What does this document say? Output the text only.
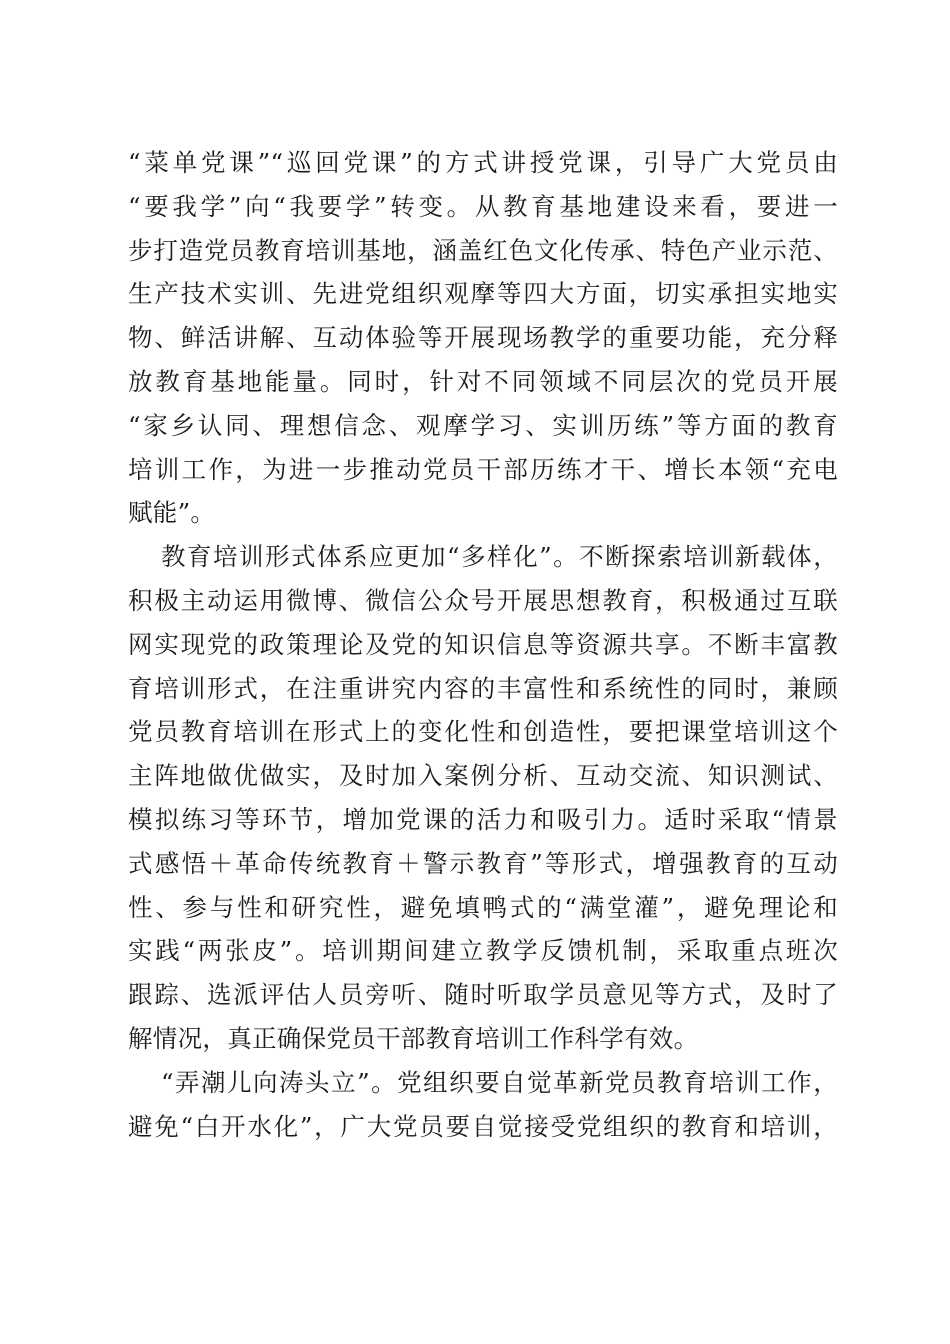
“菜单党课”“巡回党课”的方式讲授党课，引导广大党员由
“要我学”向“我要学”转变。从教育基地建设来看，要进一
步打造党员教育培训基地，涵盖红色文化传承、特色产业示范、
生产技术实训、先进党组织观摩等四大方面，切实承担实地实
物、鲜活讲解、互动体验等开展现场教学的重要功能，充分释
放教育基地能量。同时，针对不同领域不同层次的党员开展
“家乡认同、理想信念、观摩学习、实训历练”等方面的教育
培训工作，为进一步推动党员干部历练才干、增长本领“充电
赋能”。
教育培训形式体系应更加“多样化”。不断探索培训新载体，
积极主动运用微博、微信公众号开展思想教育，积极通过互联
网实现党的政策理论及党的知识信息等资源共享。不断丰富教
育培训形式，在注重讲究内容的丰富性和系统性的同时，兼顾
党员教育培训在形式上的变化性和创造性，要把课堂培训这个
主阵地做优做实，及时加入案例分析、互动交流、知识测试、
模拟练习等环节，增加党课的活力和吸引力。适时采取“情景
式感悟＋革命传统教育＋警示教育”等形式，增强教育的互动
性、参与性和研究性，避免填鸭式的“满堂灌”，避免理论和
实践“两张皮”。培训期间建立教学反馈机制，采取重点班次
跟踪、选派评估人员旁听、随时听取学员意见等方式，及时了
解情况，真正确保党员干部教育培训工作科学有效。
“弄潮儿向涛头立”。党组织要自觉革新党员教育培训工作，
避免“白开水化”，广大党员要自觉接受党组织的教育和培训，
